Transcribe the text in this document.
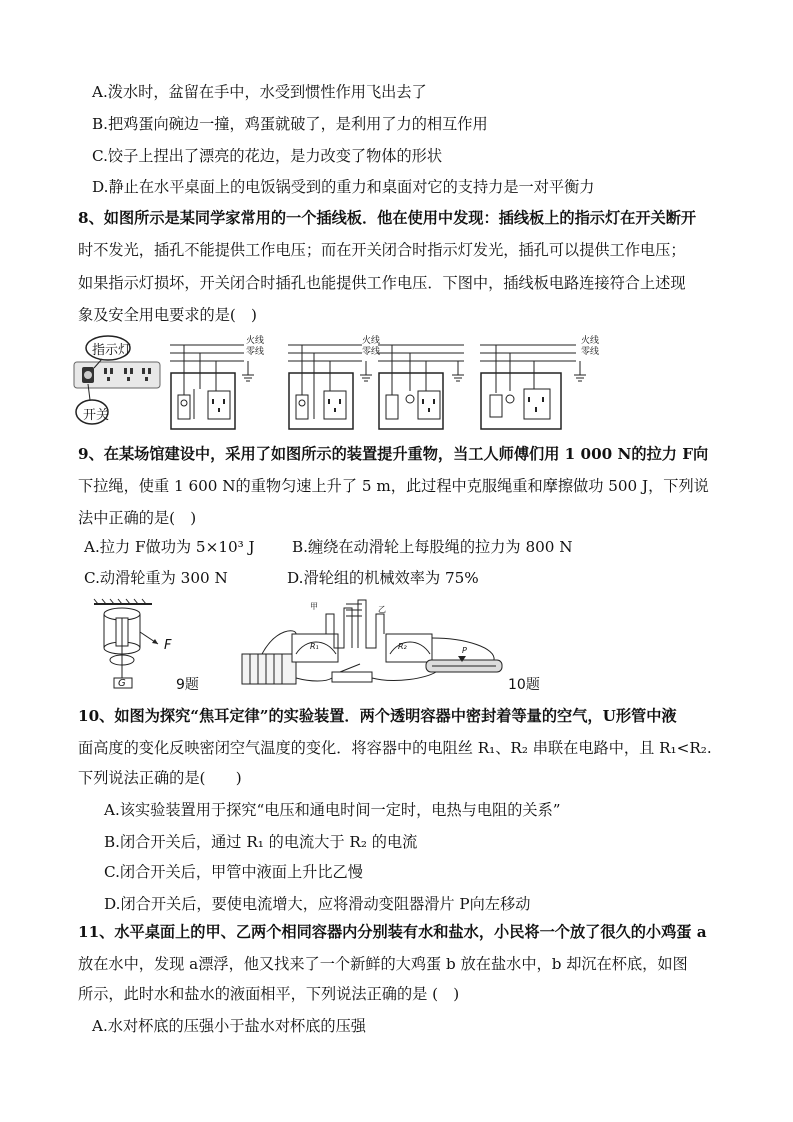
A.泼水时，盆留在手中，水受到惯性作用飞出去了
B.把鸡蛋向碗边一撞，鸡蛋就破了，是利用了力的相互作用
C.饺子上捏出了漂亮的花边，是力改变了物体的形状
D.静止在水平桌面上的电饭锅受到的重力和桌面对它的支持力是一对平衡力
8、如图所示是某同学家常用的一个插线板．他在使用中发现：插线板上的指示灯在开关断开
时不发光，插孔不能提供工作电压；而在开关闭合时指示灯发光，插孔可以提供工作电压；
如果指示灯损坏，开关闭合时插孔也能提供工作电压．下图中，插线板电路连接符合上述现
象及安全用电要求的是(　)
指示灯
开关
火线
零线
火线
零线
火线
零线
9、在某场馆建设中，采用了如图所示的装置提升重物，当工人师傅们用 1 000 N的拉力 F向
下拉绳，使重 1 600 N的重物匀速上升了 5 m，此过程中克服绳重和摩擦做功 500 J，下列说
法中正确的是(　)
A.拉力 F做功为 5×10³ J B.缠绕在动滑轮上每股绳的拉力为 800 N
C.动滑轮重为 300 N	D.滑轮组的机械效率为 75%
F
G	9题
甲	乙
R₁	R₂	P
10题
10、如图为探究“焦耳定律”的实验装置．两个透明容器中密封着等量的空气，U形管中液
面高度的变化反映密闭空气温度的变化．将容器中的电阻丝 R₁、R₂ 串联在电路中，且 R₁<R₂.
下列说法正确的是(　　)
A.该实验装置用于探究“电压和通电时间一定时，电热与电阻的关系”
B.闭合开关后，通过 R₁ 的电流大于 R₂ 的电流
C.闭合开关后，甲管中液面上升比乙慢
D.闭合开关后，要使电流增大，应将滑动变阻器滑片 P向左移动
11、水平桌面上的甲、乙两个相同容器内分别装有水和盐水，小民将一个放了很久的小鸡蛋 a
放在水中，发现 a漂浮，他又找来了一个新鲜的大鸡蛋 b 放在盐水中，b 却沉在杯底，如图
所示，此时水和盐水的液面相平，下列说法正确的是 (　)
A.水对杯底的压强小于盐水对杯底的压强
